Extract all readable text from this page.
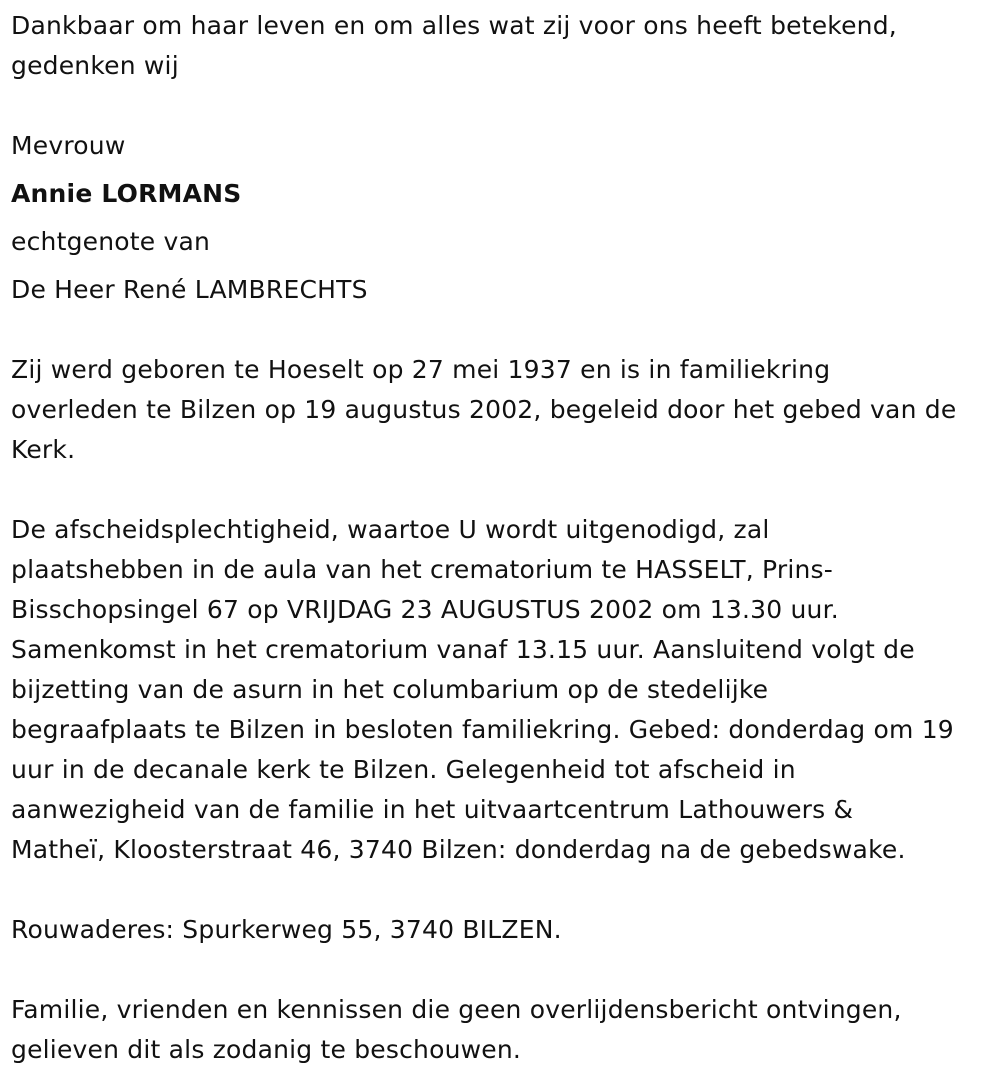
Dankbaar om haar leven en om alles wat zij voor ons heeft betekend,

gedenken wij

Mevrouw

Annie LORMANS

echtgenote van

De Heer René LAMBRECHTS

Zij werd geboren te Hoeselt op 27 mei 1937 en is in familiekring

overleden te Bilzen op 19 augustus 2002, begeleid door het gebed van de

Kerk.

De afscheidsplechtigheid, waartoe U wordt uitgenodigd, zal

plaatshebben in de aula van het crematorium te HASSELT, Prins-

Bisschopsingel 67 op VRIJDAG 23 AUGUSTUS 2002 om 13.30 uur.

Samenkomst in het crematorium vanaf 13.15 uur. Aansluitend volgt de

bijzetting van de asurn in het columbarium op de stedelijke

begraafplaats te Bilzen in besloten familiekring. Gebed: donderdag om 19

uur in de decanale kerk te Bilzen. Gelegenheid tot afscheid in

aanwezigheid van de familie in het uitvaartcentrum Lathouwers &

Matheï, Kloosterstraat 46, 3740 Bilzen: donderdag na de gebedswake.

Rouwaderes: Spurkerweg 55, 3740 BILZEN.

Familie, vrienden en kennissen die geen overlijdensbericht ontvingen,

gelieven dit als zodanig te beschouwen.
